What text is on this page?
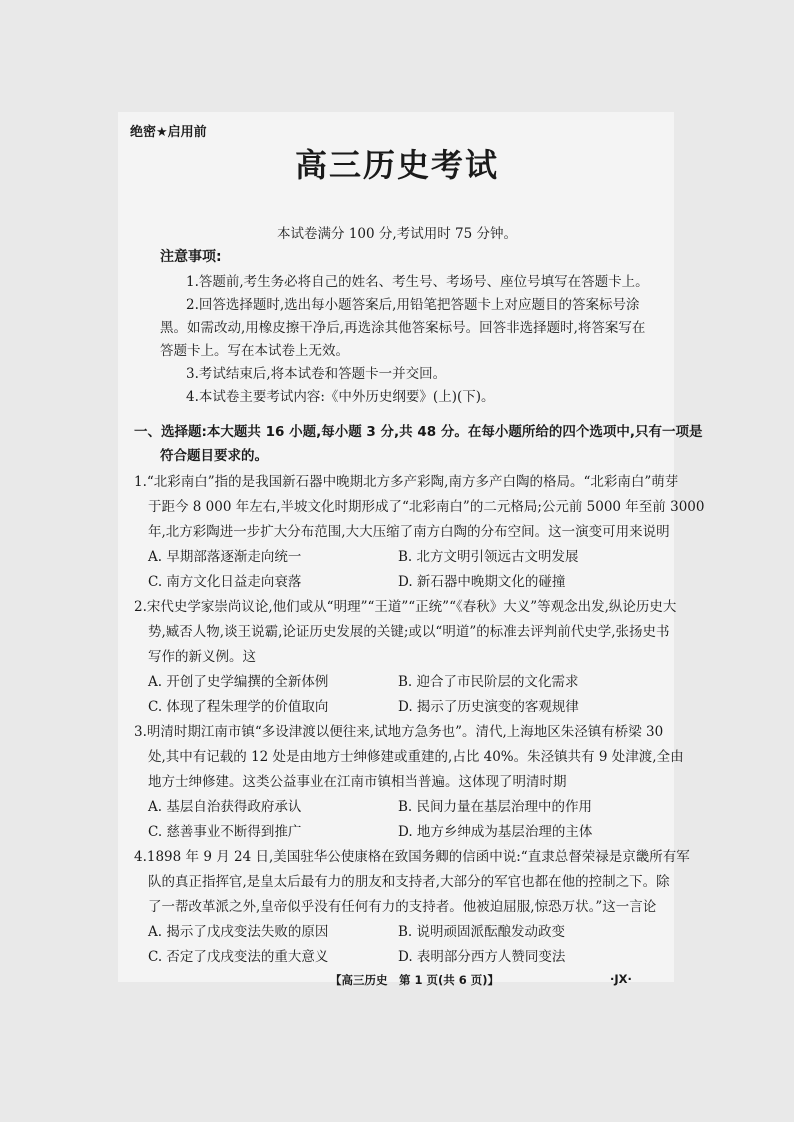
绝密★启用前
高三历史考试
本试卷满分 100 分,考试用时 75 分钟。
注意事项:
1.答题前,考生务必将自己的姓名、考生号、考场号、座位号填写在答题卡上。
2.回答选择题时,选出每小题答案后,用铅笔把答题卡上对应题目的答案标号涂
黑。如需改动,用橡皮擦干净后,再选涂其他答案标号。回答非选择题时,将答案写在
答题卡上。写在本试卷上无效。
3.考试结束后,将本试卷和答题卡一并交回。
4.本试卷主要考试内容:《中外历史纲要》(上)(下)。
一、选择题:本大题共 16 小题,每小题 3 分,共 48 分。在每小题所给的四个选项中,只有一项是
符合题目要求的。
1.“北彩南白”指的是我国新石器中晚期北方多产彩陶,南方多产白陶的格局。“北彩南白”萌芽
于距今 8 000 年左右,半坡文化时期形成了“北彩南白”的二元格局;公元前 5000 年至前 3000
年,北方彩陶进一步扩大分布范围,大大压缩了南方白陶的分布空间。这一演变可用来说明
A. 早期部落逐渐走向统一	B. 北方文明引领远古文明发展
C. 南方文化日益走向衰落	D. 新石器中晚期文化的碰撞
2.宋代史学家崇尚议论,他们或从“明理”“王道”“正统”“《春秋》大义”等观念出发,纵论历史大
势,臧否人物,谈王说霸,论证历史发展的关键;或以“明道”的标准去评判前代史学,张扬史书
写作的新义例。这
A. 开创了史学编撰的全新体例	B. 迎合了市民阶层的文化需求
C. 体现了程朱理学的价值取向	D. 揭示了历史演变的客观规律
3.明清时期江南市镇“多设津渡以便往来,试地方急务也”。清代,上海地区朱泾镇有桥梁 30
处,其中有记载的 12 处是由地方士绅修建或重建的,占比 40%。朱泾镇共有 9 处津渡,全由
地方士绅修建。这类公益事业在江南市镇相当普遍。这体现了明清时期
A. 基层自治获得政府承认	B. 民间力量在基层治理中的作用
C. 慈善事业不断得到推广	D. 地方乡绅成为基层治理的主体
4.1898 年 9 月 24 日,美国驻华公使康格在致国务卿的信函中说:“直隶总督荣禄是京畿所有军
队的真正指挥官,是皇太后最有力的朋友和支持者,大部分的军官也都在他的控制之下。除
了一帮改革派之外,皇帝似乎没有任何有力的支持者。他被迫屈服,惊恐万状。”这一言论
A. 揭示了戊戌变法失败的原因	B. 说明顽固派酝酿发动政变
C. 否定了戊戌变法的重大意义	D. 表明部分西方人赞同变法
【高三历史　第 1 页(共 6 页)】	·JX·
